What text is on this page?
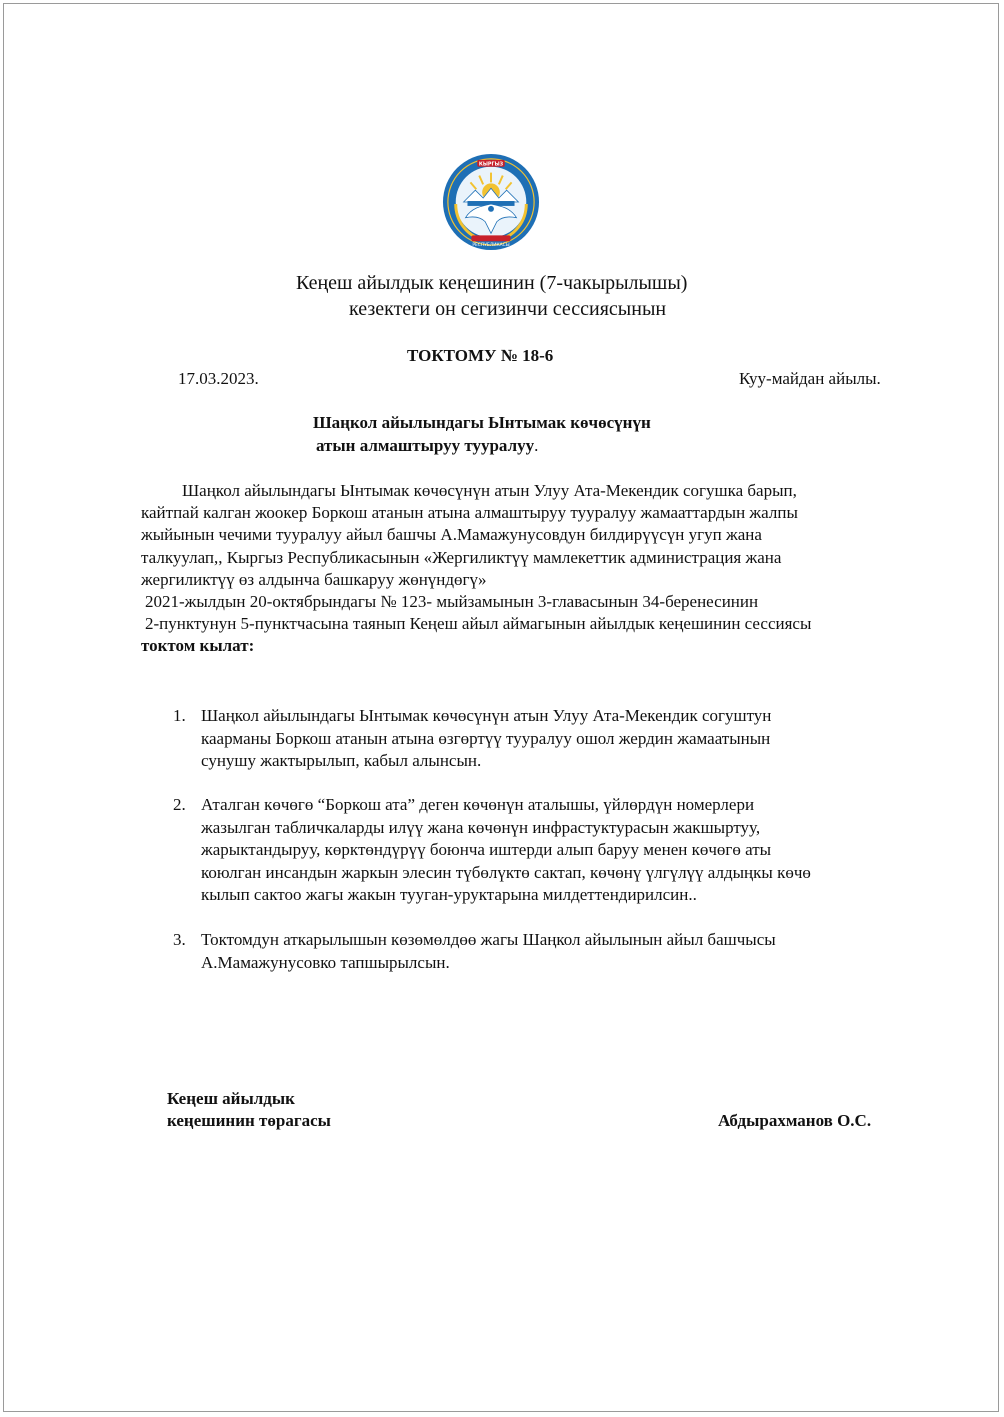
КЫРГЫЗ
РЕСПУБЛИКАСЫ
Кеңеш айылдык кеңешинин (7-чакырылышы)
кезектеги он сегизинчи сессиясынын
ТОКТОМУ № 18-6
17.03.2023.	Куу-майдан айылы.
Шаңкол айылындагы Ынтымак көчөсүнүн
атын алмаштыруу тууралуу.
Шаңкол айылындагы Ынтымак көчөсүнүн атын Улуу Ата-Мекендик согушка барып,
кайтпай калган жоокер Боркош атанын атына алмаштыруу тууралуу жамааттардын жалпы
жыйынын чечими тууралуу айыл башчы А.Мамажунусовдун билдирүүсүн угуп жана
талкуулап,, Кыргыз Республикасынын «Жергиликтүү мамлекеттик администрация жана
жергиликтүү өз алдынча башкаруу жөнүндөгү»
2021-жылдын 20-октябрындагы № 123- мыйзамынын 3-главасынын 34-беренесинин
2-пунктунун 5-пунктчасына таянып Кеңеш айыл аймагынын айылдык кеңешинин сессиясы
токтом кылат:
1. Шаңкол айылындагы Ынтымак көчөсүнүн атын Улуу Ата-Мекендик согуштун
каармaны Боркош атанын атына өзгөртүү тууралуу ошол жердин жамаатынын
сунушу жактырылып, кабыл алынсын.
2. Аталган көчөгө “Боркош ата” деген көчөнүн аталышы, үйлөрдүн номерлери
жазылган табличкаларды илүү жана көчөнүн инфрастуктурасын жакшыртуу,
жарыктандыруу, көрктөндүрүү боюнча иштерди алып баруу менен көчөгө аты
коюлган инсандын жаркын элесин түбөлүктө сактап, көчөнү үлгүлүү алдыңкы көчө
кылып сактоо жагы жакын тууган-уруктарына милдеттендирилсин..
3. Токтомдун аткарылышын көзөмөлдөө жагы Шаңкол айылынын айыл башчысы
А.Мамажунусовко тапшырылсын.
Кеңеш айылдык
кеңешинин төрагасы	Абдырахманов О.С.
